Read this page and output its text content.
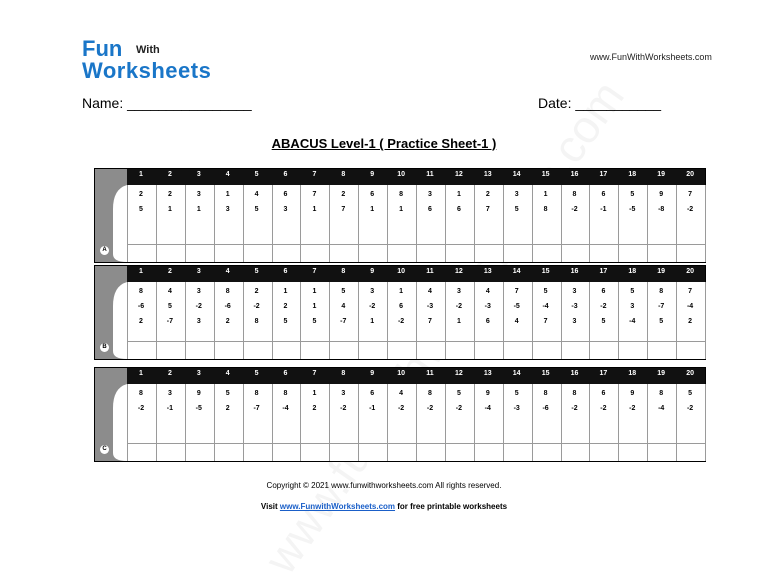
Fun With
Worksheets
www.FunWithWorksheets.com
Name: ________________	Date: ___________
ABACUS Level-1 ( Practice Sheet-1 )
1	2	3	4	5	6	7	8	9	10	11	12	13	14	15	16	17	18	19	20
2	2	3	1	4	6	7	2	6	8	3	1	2	3	1	8	6	5	9	7
5	1	1	3	5	3	1	7	1	1	6	6	7	5	8	-2	-1	-5	-8	-2
A
1	2	3	4	5	6	7	8	9	10	11	12	13	14	15	16	17	18	19	20
8	4	3	8	2	1	1	5	3	1	4	3	4	7	5	3	6	5	8	7
-6	5	-2	-6	-2	2	1	4	-2	6	-3	-2	-3	-5	-4	-3	-2	3	-7	-4
2	-7	3	2	8	5	5	-7	1	-2	7	1	6	4	7	3	5	-4	5	2
B
1	2	3	4	5	6	7	8	9	10	11	12	13	14	15	16	17	18	19	20
8	3	9	5	8	8	1	3	6	4	8	5	9	5	8	8	6	9	8	5
-2	-1	-5	2	-7	-4	2	-2	-1	-2	-2	-2	-4	-3	-6	-2	-2	-2	-4	-2
C
Copyright © 2021 www.funwithworksheets.com All rights reserved.
Visit www.FunwithWorksheets.com for free printable worksheets
